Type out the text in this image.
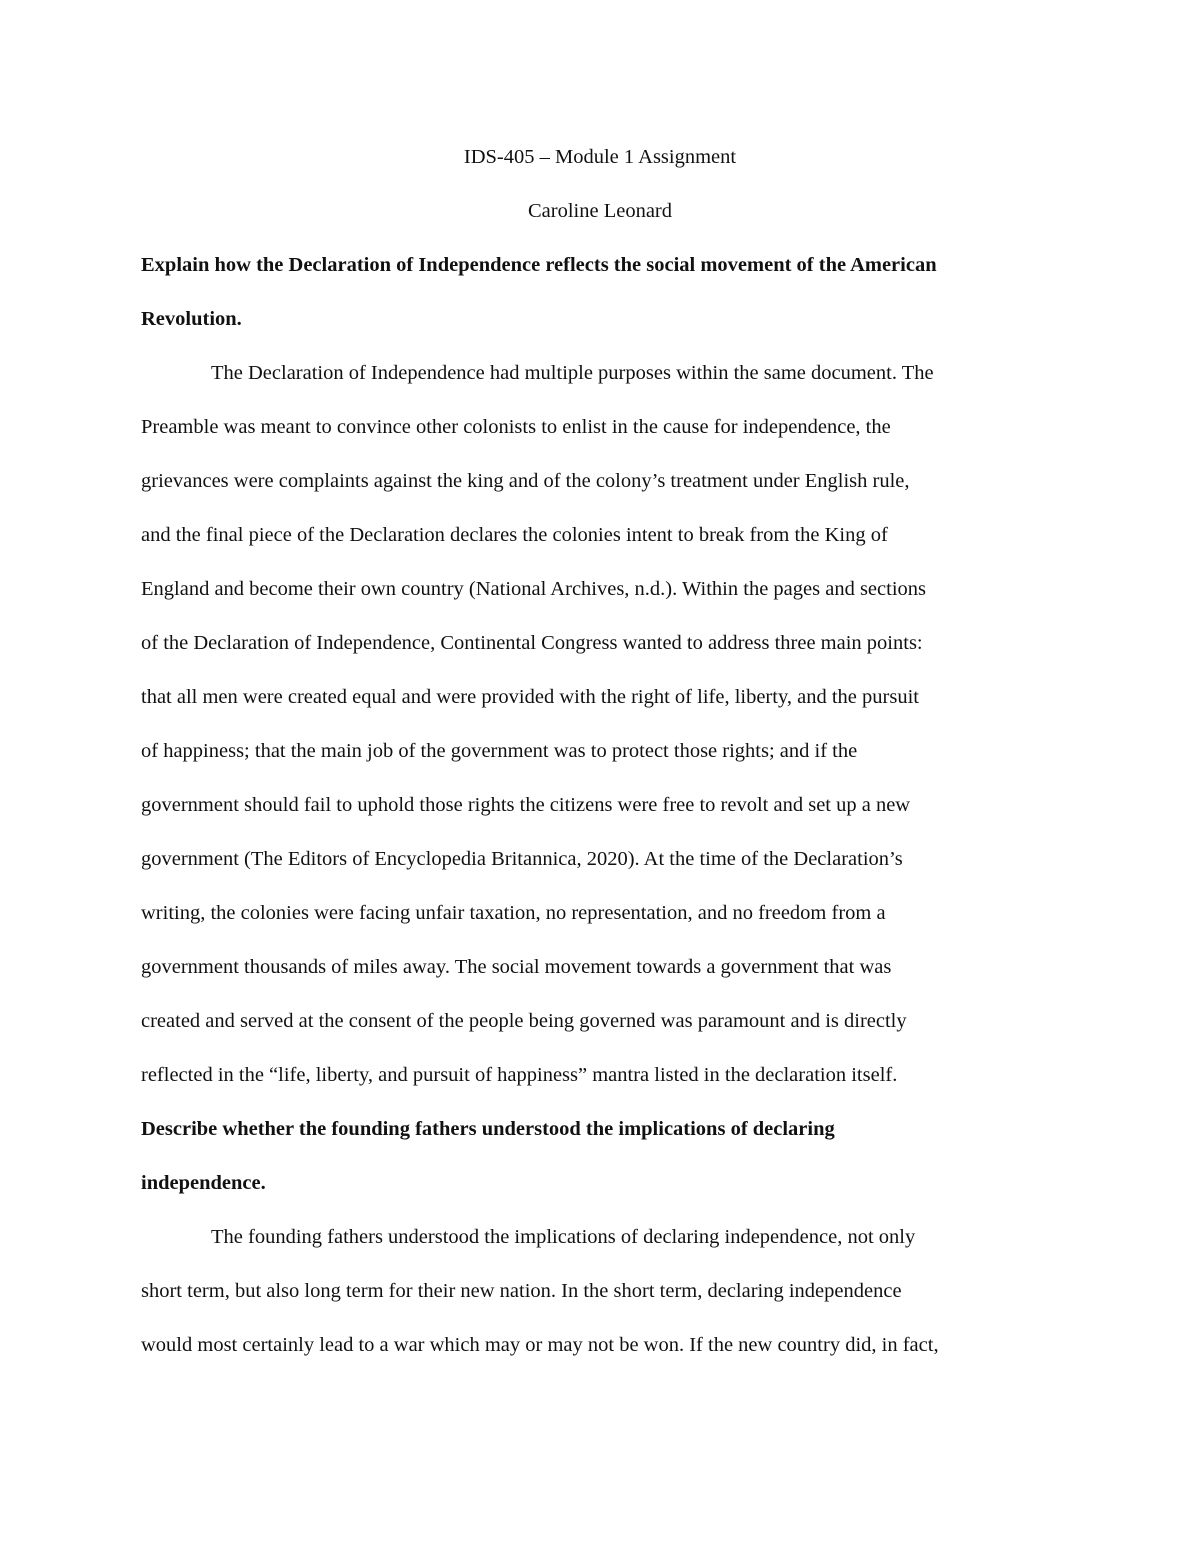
IDS-405 – Module 1 Assignment
Caroline Leonard
Explain how the Declaration of Independence reflects the social movement of the American
Revolution.
The Declaration of Independence had multiple purposes within the same document. The
Preamble was meant to convince other colonists to enlist in the cause for independence, the
grievances were complaints against the king and of the colony’s treatment under English rule,
and the final piece of the Declaration declares the colonies intent to break from the King of
England and become their own country (National Archives, n.d.). Within the pages and sections
of the Declaration of Independence, Continental Congress wanted to address three main points:
that all men were created equal and were provided with the right of life, liberty, and the pursuit
of happiness; that the main job of the government was to protect those rights; and if the
government should fail to uphold those rights the citizens were free to revolt and set up a new
government (The Editors of Encyclopedia Britannica, 2020). At the time of the Declaration’s
writing, the colonies were facing unfair taxation, no representation, and no freedom from a
government thousands of miles away. The social movement towards a government that was
created and served at the consent of the people being governed was paramount and is directly
reflected in the “life, liberty, and pursuit of happiness” mantra listed in the declaration itself.
Describe whether the founding fathers understood the implications of declaring
independence.
The founding fathers understood the implications of declaring independence, not only
short term, but also long term for their new nation. In the short term, declaring independence
would most certainly lead to a war which may or may not be won. If the new country did, in fact,
